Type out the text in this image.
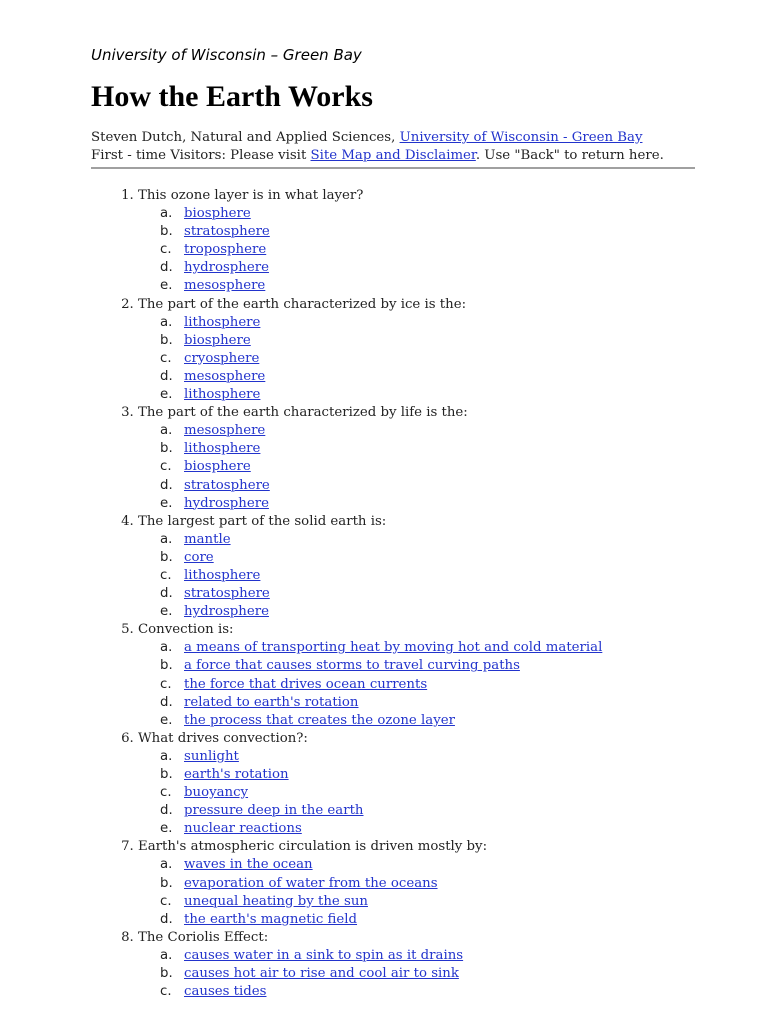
University of Wisconsin – Green Bay

How the Earth Works

Steven Dutch, Natural and Applied Sciences, University of Wisconsin - Green Bay
First - time Visitors: Please visit Site Map and Disclaimer. Use "Back" to return here.

1. This ozone layer is in what layer?
biosphere
stratosphere
troposphere
hydrosphere
mesosphere
2. The part of the earth characterized by ice is the:
lithosphere
biosphere
cryosphere
mesosphere
lithosphere
3. The part of the earth characterized by life is the:
mesosphere
lithosphere
biosphere
stratosphere
hydrosphere
4. The largest part of the solid earth is:
mantle
core
lithosphere
stratosphere
hydrosphere
5. Convection is:
a means of transporting heat by moving hot and cold material
a force that causes storms to travel curving paths
the force that drives ocean currents
related to earth's rotation
the process that creates the ozone layer
6. What drives convection?:
sunlight
earth's rotation
buoyancy
pressure deep in the earth
nuclear reactions
7. Earth's atmospheric circulation is driven mostly by:
waves in the ocean
evaporation of water from the oceans
unequal heating by the sun
the earth's magnetic field
8. The Coriolis Effect:
causes water in a sink to spin as it drains
causes hot air to rise and cool air to sink
causes tides
